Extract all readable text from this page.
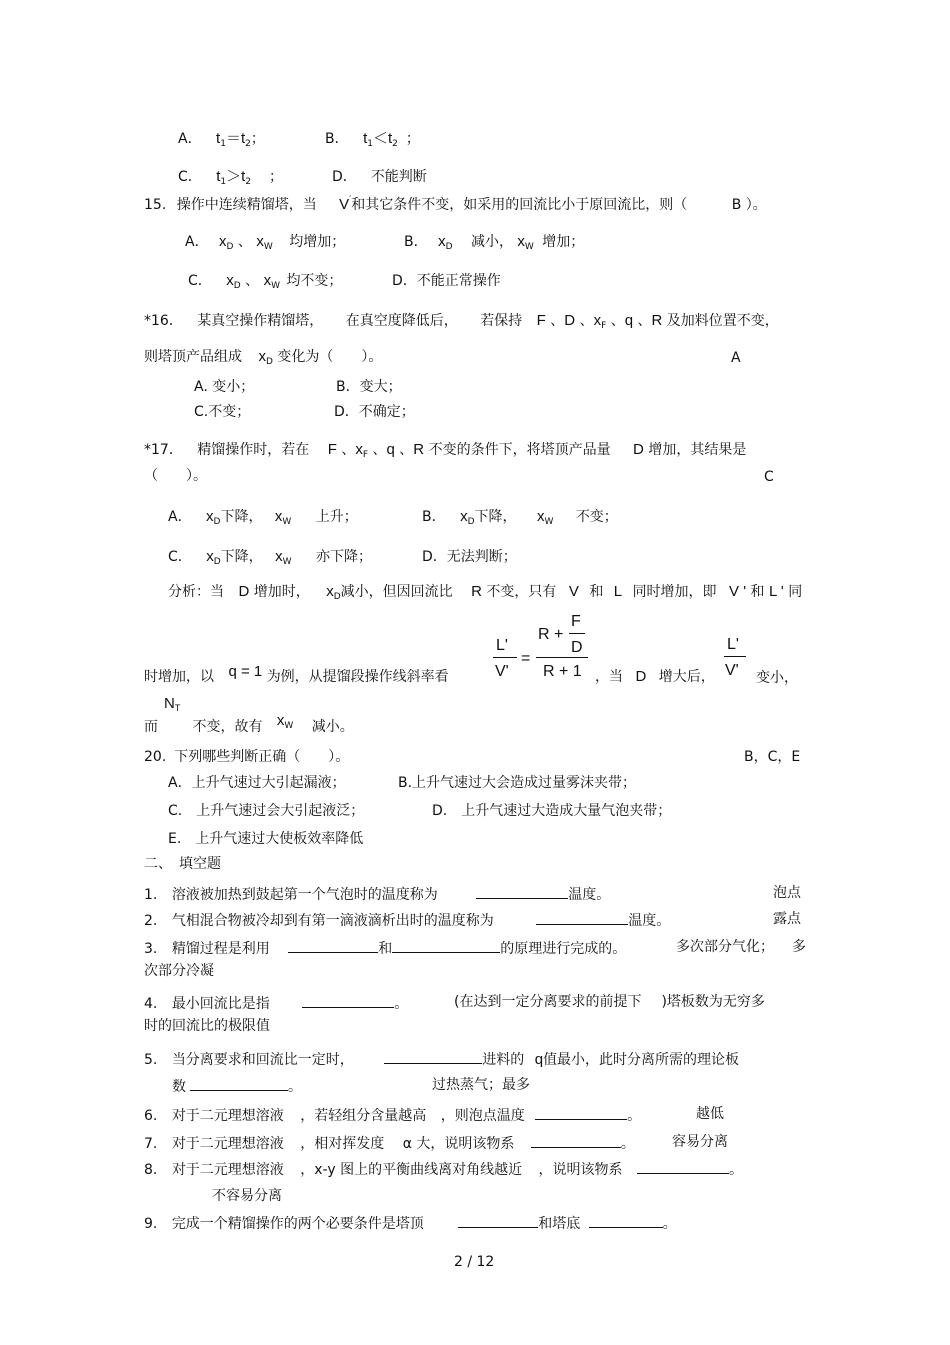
A． $t_1=t_2$；	B． $t_1<t_2$ ；
C． $t_1>t_2$ ；	D． 不能判断
15. 操作中连续精馏塔，当 V′和其它条件不变，如采用的回流比小于原回流比，则（	B ）。
A． $x_D$ 、 $x_W$ 均增加；	B． $x_D$ 减小， $x_W$ 增加；
C． $x_D$ 、 $x_W$ 均不变；	D．不能正常操作
*16． 某真空操作精馏塔， 在真空度降低后， 若保持 F 、D 、$x_F$ 、q 、R 及加料位置不变，
则塔顶产品组成 $x_D$ 变化为（　　）。	A
A. 变小；	B．变大；
C.不变；	D．不确定；
*17． 精馏操作时，若在 F 、$x_F$ 、q 、R 不变的条件下，将塔顶产品量 D 增加，其结果是
（　　）。	C
A． $x_D$下降， $x_W$ 上升；	B． $x_D$下降， $x_W$ 不变；
C． $x_D$下降， $x_W$ 亦下降；	D．无法判断；
分析：当 D 增加时， $x_D$减小，但因回流比 R 不变，只有 V 和 L 同时增加，即 V ' 和 L ' 同
L'
V'
=
R +
F
D
R + 1
L'
V'
时增加，以 q = 1 为例，从提馏段操作线斜率看	，当 D 增大后，	变小，
$N_T$
而 不变，故有 $x^W$ 减小。
20. 下列哪些判断正确（　　）。	B，C，E
A．上升气速过大引起漏液；	B.上升气速过大会造成过量雾沫夹带；
C.　上升气速过会大引起液泛；	D.　上升气速过大造成大量气泡夹带；
E.　上升气速过大使板效率降低
二、　填空题
1. 溶液被加热到鼓起第一个气泡时的温度称为	温度。	泡点
2. 气相混合物被冷却到有第一滴液滴析出时的温度称为	温度。	露点
3. 精馏过程是利用	和	的原理进行完成的。	多次部分气化； 多
次部分冷凝
4. 最小回流比是指	。	(在达到一定分离要求的前提下 )塔板数为无穷多
时的回流比的极限值
5. 当分离要求和回流比一定时，	进料的 q值最小，此时分离所需的理论板
数	。	过热蒸气；最多
6. 对于二元理想溶液 ，若轻组分含量越高 ，则泡点温度	。	越低
7. 对于二元理想溶液 ，相对挥发度 α 大，说明该物系	。	容易分离
8. 对于二元理想溶液 ，x-y 图上的平衡曲线离对角线越近 ，说明该物系	。
不容易分离
9. 完成一个精馏操作的两个必要条件是塔顶	和塔底	。
2 / 12
